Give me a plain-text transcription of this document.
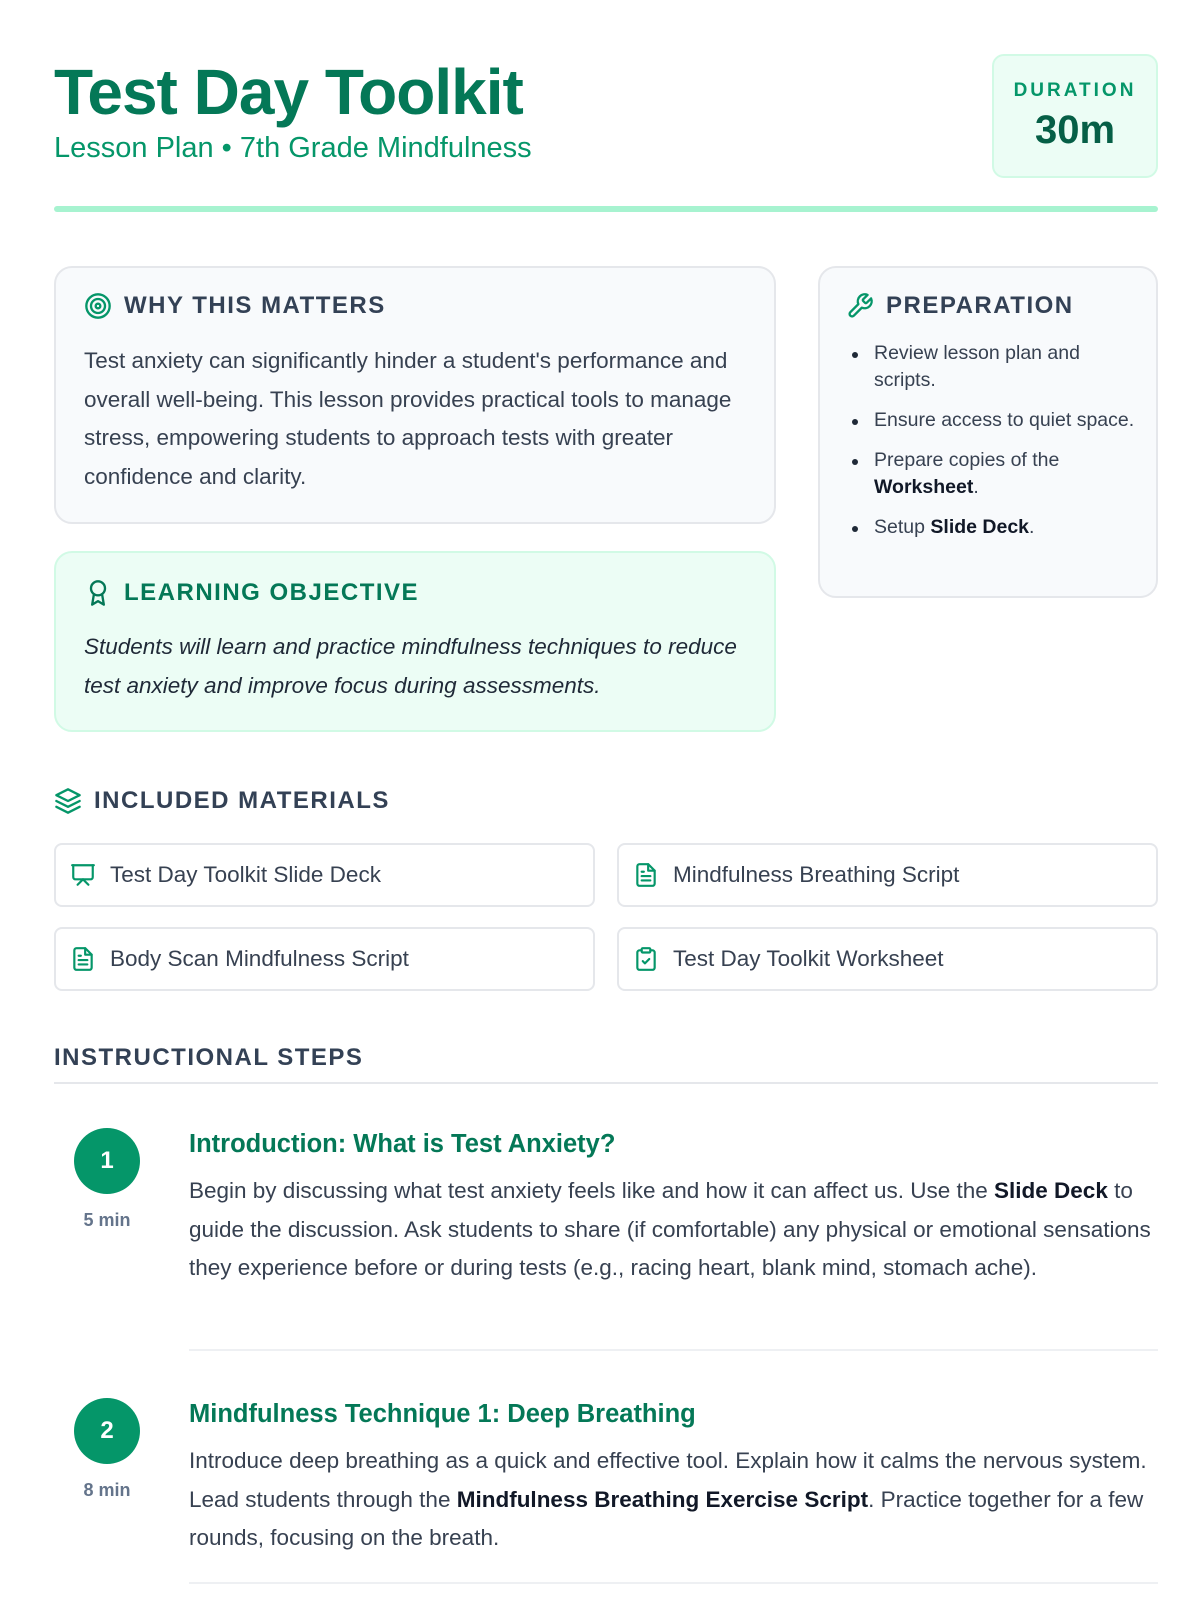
Test Day Toolkit
Lesson Plan • 7th Grade Mindfulness
DURATION
30m
WHY THIS MATTERS
Test anxiety can significantly hinder a student's performance and overall well-being. This lesson provides practical tools to manage stress, empowering students to approach tests with greater confidence and clarity.
LEARNING OBJECTIVE
Students will learn and practice mindfulness techniques to reduce test anxiety and improve focus during assessments.
PREPARATION
Review lesson plan and scripts.
Ensure access to quiet space.
Prepare copies of the Worksheet.
Setup Slide Deck.
INCLUDED MATERIALS
Test Day Toolkit Slide Deck	Mindfulness Breathing Script
Body Scan Mindfulness Script	Test Day Toolkit Worksheet
INSTRUCTIONAL STEPS
1
5 min
Introduction: What is Test Anxiety?
Begin by discussing what test anxiety feels like and how it can affect us. Use the Slide Deck to guide the discussion. Ask students to share (if comfortable) any physical or emotional sensations they experience before or during tests (e.g., racing heart, blank mind, stomach ache).
2
8 min
Mindfulness Technique 1: Deep Breathing
Introduce deep breathing as a quick and effective tool. Explain how it calms the nervous system. Lead students through the Mindfulness Breathing Exercise Script. Practice together for a few rounds, focusing on the breath.
